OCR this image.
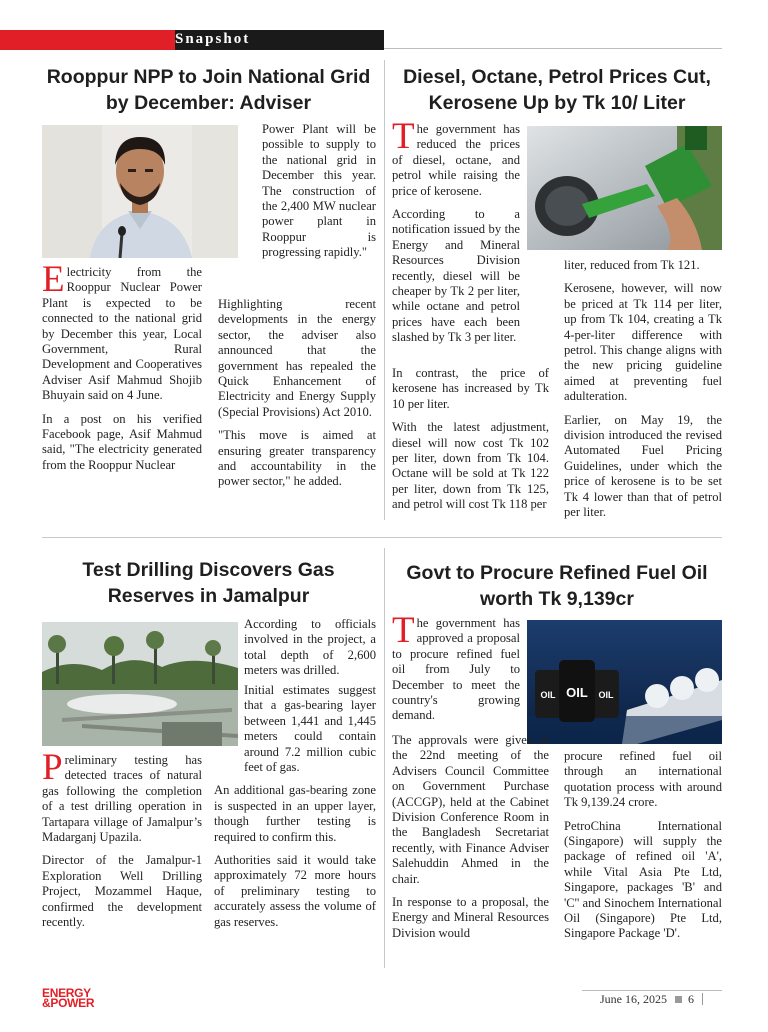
Snapshot
Rooppur NPP to Join National Grid by December: Adviser

Electricity from the Rooppur Nuclear Power Plant is expected to be connected to the national grid by December this year, Local Government, Rural Development and Cooperatives Adviser Asif Mahmud Shojib Bhuyain said on 4 June.

In a post on his verified Facebook page, Asif Mahmud said, "The electricity generated from the Rooppur Nuclear

Power Plant will be possible to supply to the national grid in December this year. The construction of the 2,400 MW nuclear power plant in Rooppur is progressing rapidly."

Highlighting recent developments in the energy sector, the adviser also announced that the government has repealed the Quick Enhancement of Electricity and Energy Supply (Special Provisions) Act 2010.

"This move is aimed at ensuring greater transparency and accountability in the power sector," he added.

Diesel, Octane, Petrol Prices Cut, Kerosene Up by Tk 10/ Liter

The government has reduced the prices of diesel, octane, and petrol while raising the price of kerosene.

According to a notification issued by the Energy and Mineral Resources Division recently, diesel will be cheaper by Tk 2 per liter, while octane and petrol prices have each been slashed by Tk 3 per liter.

In contrast, the price of kerosene has increased by Tk 10 per liter.

With the latest adjustment, diesel will now cost Tk 102 per liter, down from Tk 104. Octane will be sold at Tk 122 per liter, down from Tk 125, and petrol will cost Tk 118 per

liter, reduced from Tk 121.

Kerosene, however, will now be priced at Tk 114 per liter, up from Tk 104, creating a Tk 4-per-liter difference with petrol. This change aligns with the new pricing guideline aimed at preventing fuel adulteration.

Earlier, on May 19, the division introduced the revised Automated Fuel Pricing Guidelines, under which the price of kerosene is to be set Tk 4 lower than that of petrol per liter.

Test Drilling Discovers Gas Reserves in Jamalpur

Preliminary testing has detected traces of natural gas following the completion of a test drilling operation in Tartapara village of Jamalpur’s Madarganj Upazila.

Director of the Jamalpur-1 Exploration Well Drilling Project, Mozammel Haque, confirmed the development recently.

According to officials involved in the project, a total depth of 2,600 meters was drilled.

Initial estimates suggest that a gas-bearing layer between 1,441 and 1,445 meters could contain around 7.2 million cubic feet of gas.

An additional gas-bearing zone is suspected in an upper layer, though further testing is required to confirm this.

Authorities said it would take approximately 72 more hours of preliminary testing to accurately assess the volume of gas reserves.

Govt to Procure Refined Fuel Oil worth Tk 9,139cr
OIL OIL OIL

The government has approved a proposal to procure refined fuel oil from July to December to meet the country's growing demand.

The approvals were given at the 22nd meeting of the Advisers Council Committee on Government Purchase (ACCGP), held at the Cabinet Division Conference Room in the Bangladesh Secretariat recently, with Finance Adviser Salehuddin Ahmed in the chair.

In response to a proposal, the Energy and Mineral Resources Division would

procure refined fuel oil through an international quotation process with around Tk 9,139.24 crore.

PetroChina International (Singapore) will supply the package of refined oil 'A', while Vital Asia Pte Ltd, Singapore, packages 'B' and 'C'' and Sinochem International Oil (Singapore) Pte Ltd, Singapore Package 'D'.

ENERGY
&POWER	June 16, 2025 6
